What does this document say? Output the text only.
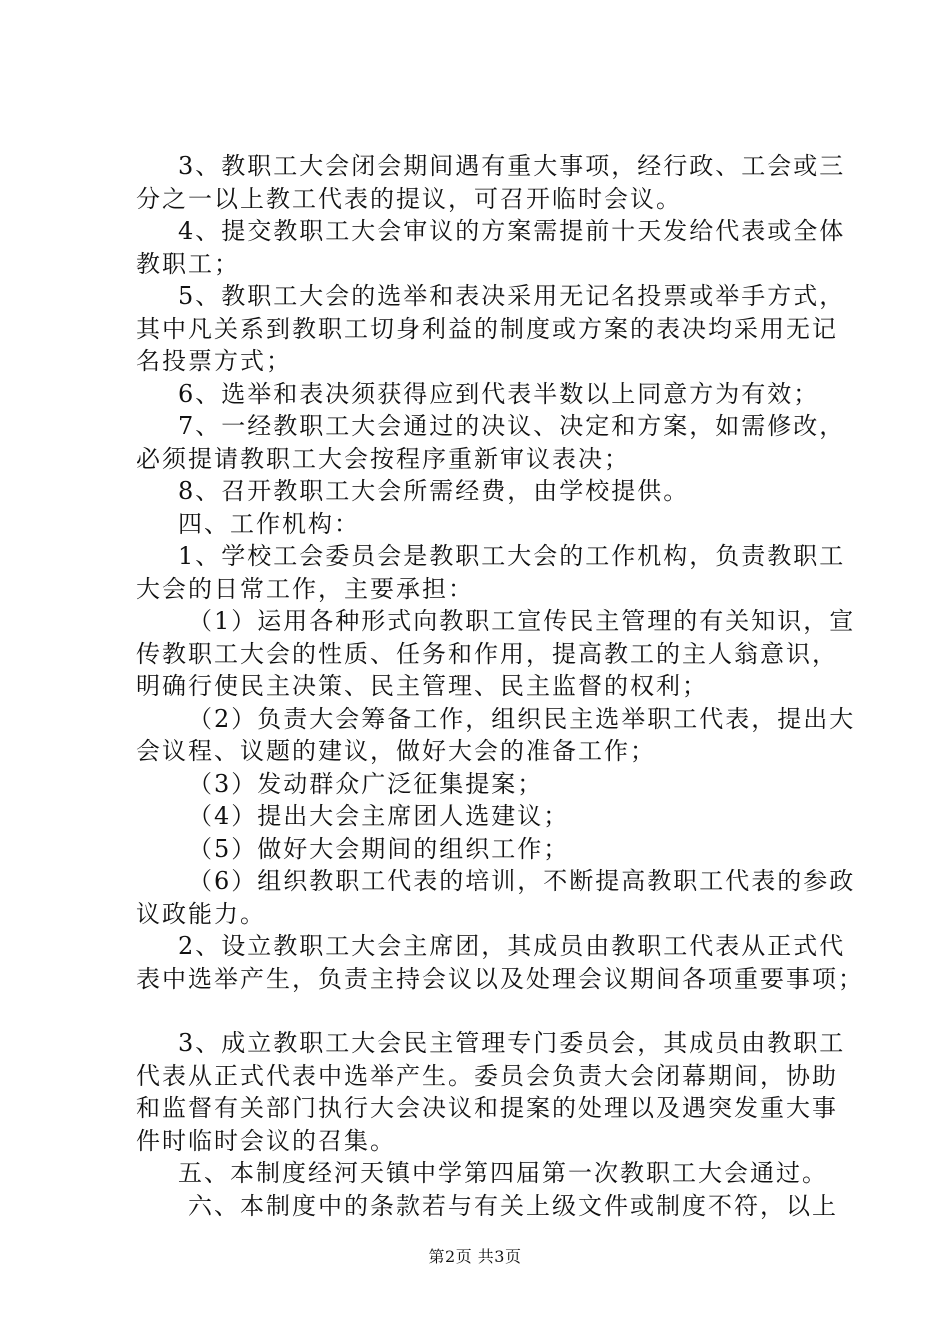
3、教职工大会闭会期间遇有重大事项，经行政、工会或三
分之一以上教工代表的提议，可召开临时会议。
4、提交教职工大会审议的方案需提前十天发给代表或全体
教职工；
5、教职工大会的选举和表决采用无记名投票或举手方式，
其中凡关系到教职工切身利益的制度或方案的表决均采用无记
名投票方式；
6、选举和表决须获得应到代表半数以上同意方为有效；
7、一经教职工大会通过的决议、决定和方案，如需修改，
必须提请教职工大会按程序重新审议表决；
8、召开教职工大会所需经费，由学校提供。
四、工作机构：
1、学校工会委员会是教职工大会的工作机构，负责教职工
大会的日常工作，主要承担：
（1）运用各种形式向教职工宣传民主管理的有关知识，宣
传教职工大会的性质、任务和作用，提高教工的主人翁意识，
明确行使民主决策、民主管理、民主监督的权利；
（2）负责大会筹备工作，组织民主选举职工代表，提出大
会议程、议题的建议，做好大会的准备工作；
（3）发动群众广泛征集提案；
（4）提出大会主席团人选建议；
（5）做好大会期间的组织工作；
（6）组织教职工代表的培训，不断提高教职工代表的参政
议政能力。
2、设立教职工大会主席团，其成员由教职工代表从正式代
表中选举产生，负责主持会议以及处理会议期间各项重要事项；
3、成立教职工大会民主管理专门委员会，其成员由教职工
代表从正式代表中选举产生。委员会负责大会闭幕期间，协助
和监督有关部门执行大会决议和提案的处理以及遇突发重大事
件时临时会议的召集。
五、本制度经河天镇中学第四届第一次教职工大会通过。
六、本制度中的条款若与有关上级文件或制度不符，以上
第2页 共3页
